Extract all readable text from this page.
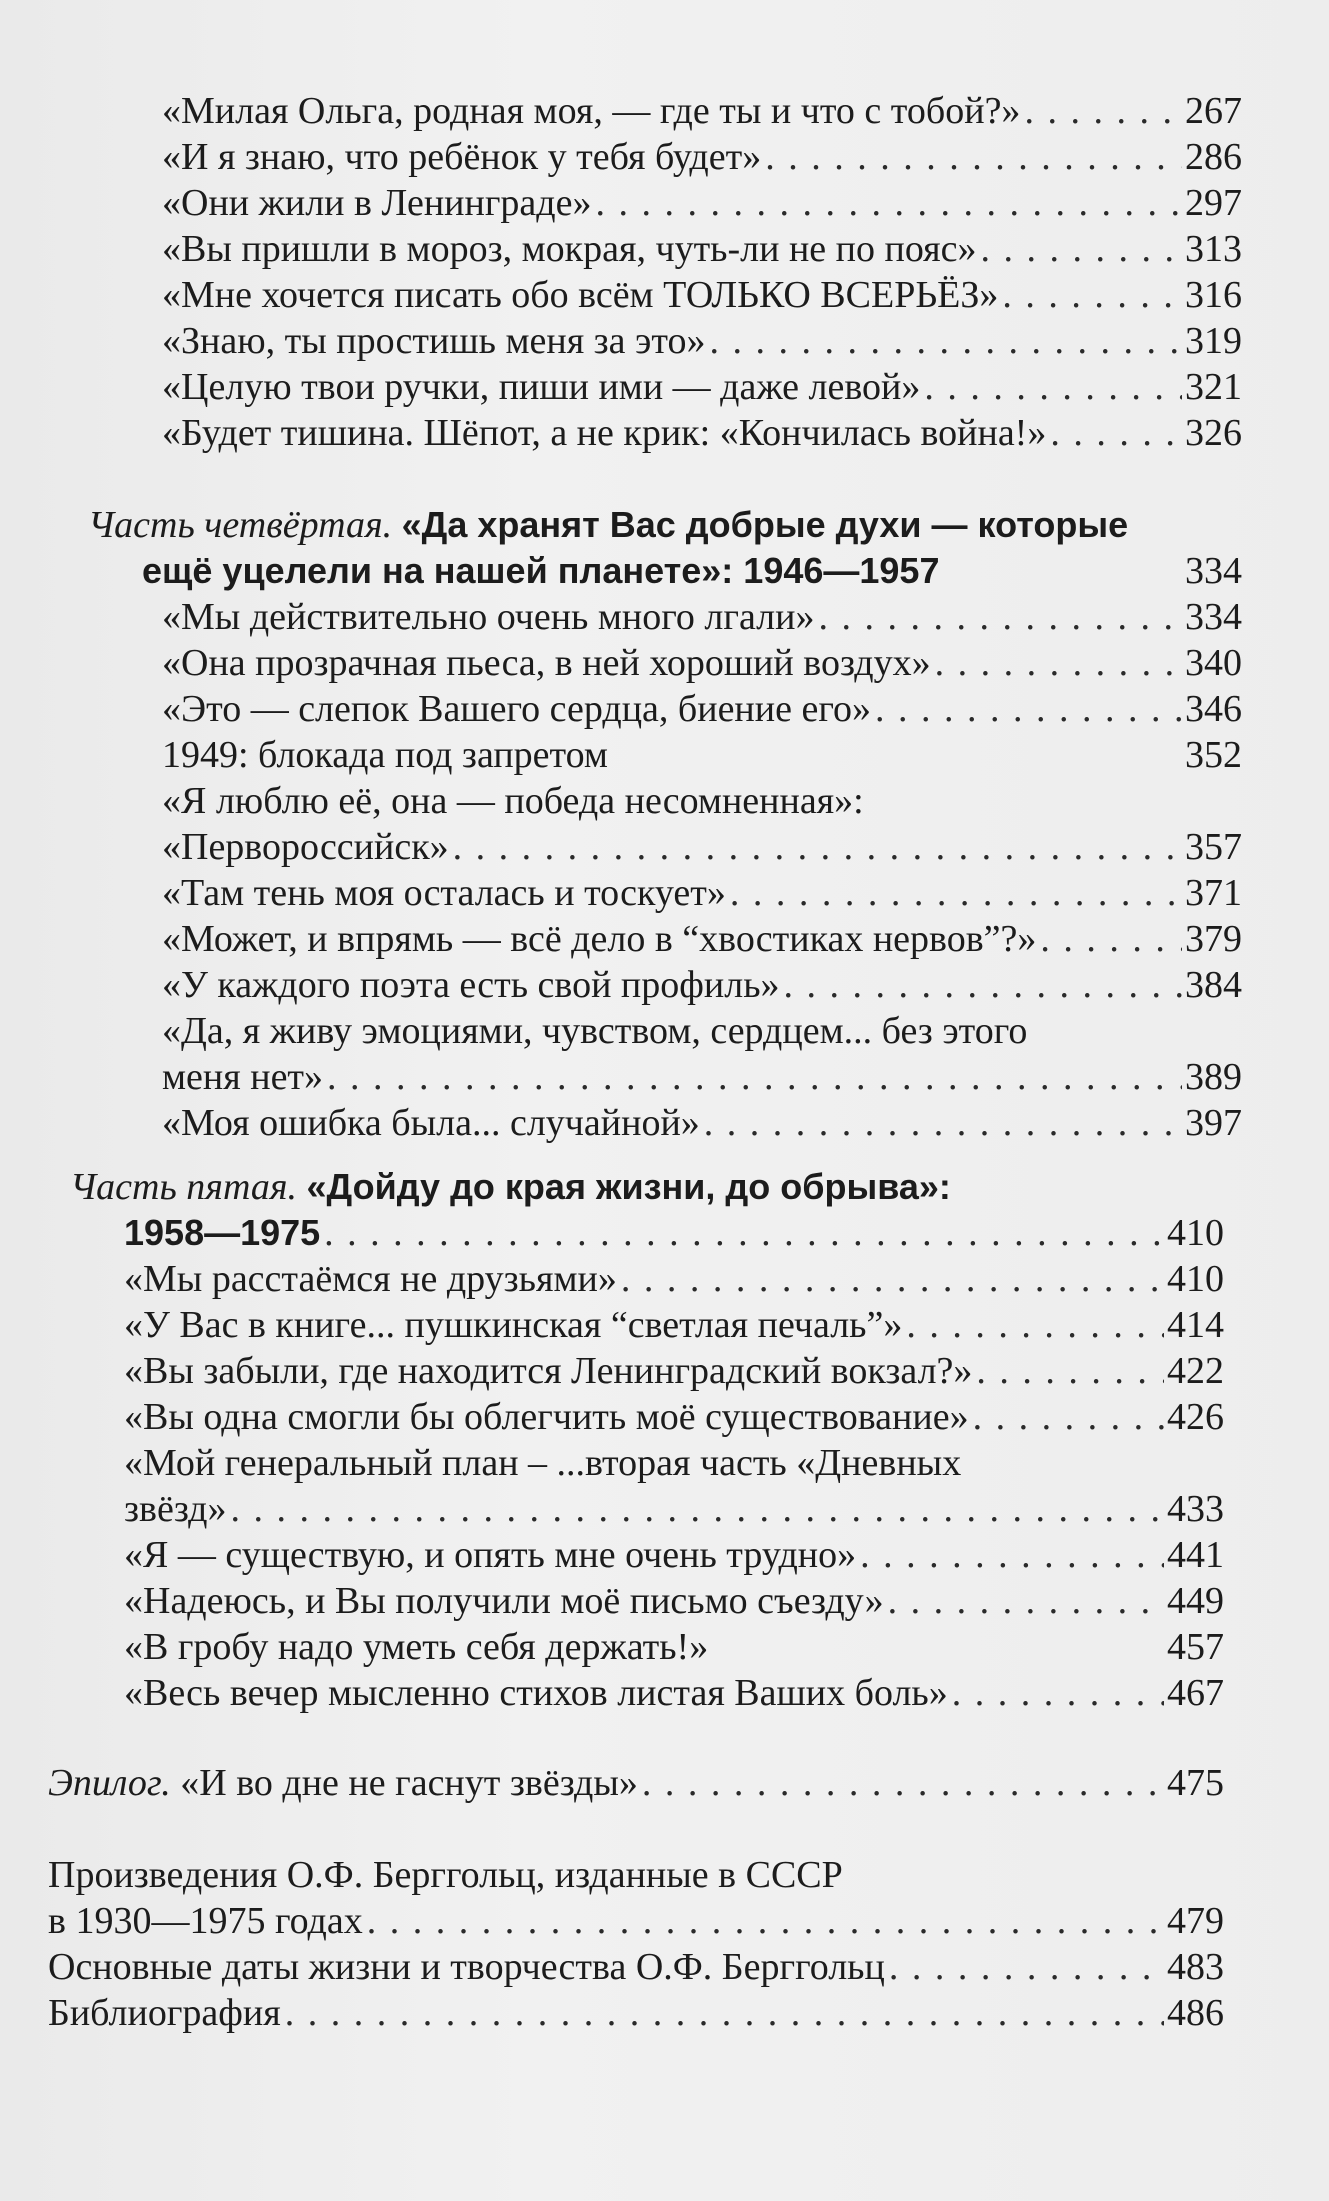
«Милая Ольга, родная моя, — где ты и что с тобой?» . . .	267
«И я знаю, что ребёнок у тебя будет» . . .	286
«Они жили в Ленинграде» . . .	297
«Вы пришли в мороз, мокрая, чуть-ли не по пояс» . . .	313
«Мне хочется писать обо всём ТОЛЬКО ВСЕРЬЁЗ» . . .	316
«Знаю, ты простишь меня за это» . . .	319
«Целую твои ручки, пиши ими — даже левой» . . .	321
«Будет тишина. Шёпот, а не крик: «Кончилась война!» . . .	326
Часть четвёртая. «Да хранят Вас добрые духи — которые
ещё уцелели на нашей планете»: 1946—1957	334
«Мы действительно очень много лгали» . . .	334
«Она прозрачная пьеса, в ней хороший воздух» . . .	340
«Это — слепок Вашего сердца, биение его» . . .	346
1949: блокада под запретом	352
«Я люблю её, она — победа несомненная»:
«Первороссийск» . . .	357
«Там тень моя осталась и тоскует» . . .	371
«Может, и впрямь — всё дело в “хвостиках нервов”?» . . .	379
«У каждого поэта есть свой профиль» . . .	384
«Да, я живу эмоциями, чувством, сердцем... без этого
меня нет» . . .	389
«Моя ошибка была... случайной» . . .	397
Часть пятая. «Дойду до края жизни, до обрыва»:
1958—1975 . . .	410
«Мы расстаёмся не друзьями» . . .	410
«У Вас в книге... пушкинская “светлая печаль”» . . .	414
«Вы забыли, где находится Ленинградский вокзал?» . . .	422
«Вы одна смогли бы облегчить моё существование» . . .	426
«Мой генеральный план – ...вторая часть «Дневных
звёзд» . . .	433
«Я — существую, и опять мне очень трудно» . . .	441
«Надеюсь, и Вы получили моё письмо съезду» . . .	449
«В гробу надо уметь себя держать!»	457
«Весь вечер мысленно стихов листая Ваших боль» . . .	467
Эпилог. «И во дне не гаснут звёзды» . . .	475
Произведения О.Ф. Берггольц, изданные в СССР
в 1930—1975 годах . . .	479
Основные даты жизни и творчества О.Ф. Берггольц . . .	483
Библиография . . .	486
